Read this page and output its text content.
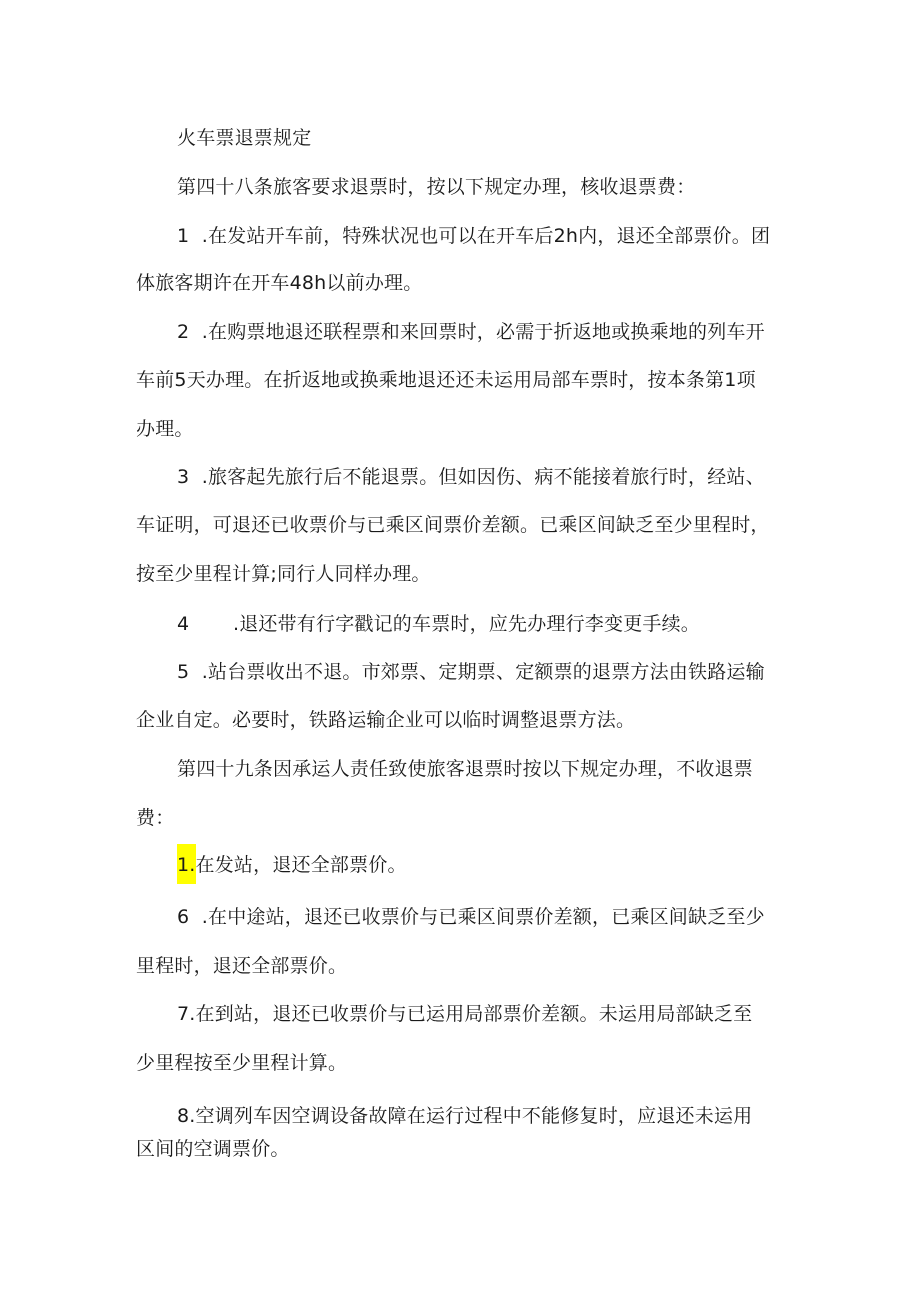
火车票退票规定
第四十八条旅客要求退票时，按以下规定办理，核收退票费：
1  .在发站开车前，特殊状况也可以在开车后2h内，退还全部票价。团
体旅客期许在开车48h以前办理。
2  .在购票地退还联程票和来回票时，必需于折返地或换乘地的列车开
车前5天办理。在折返地或换乘地退还还未运用局部车票时，按本条第1项
办理。
3  .旅客起先旅行后不能退票。但如因伤、病不能接着旅行时，经站、
车证明，可退还已收票价与已乘区间票价差额。已乘区间缺乏至少里程时，
按至少里程计算;同行人同样办理。
4       .退还带有行字戳记的车票时，应先办理行李变更手续。
5  .站台票收出不退。市郊票、定期票、定额票的退票方法由铁路运输
企业自定。必要时，铁路运输企业可以临时调整退票方法。
第四十九条因承运人责任致使旅客退票时按以下规定办理，不收退票
费：
1.在发站，退还全部票价。
6  .在中途站，退还已收票价与已乘区间票价差额，已乘区间缺乏至少
里程时，退还全部票价。
7.在到站，退还已收票价与已运用局部票价差额。未运用局部缺乏至
少里程按至少里程计算。
8.空调列车因空调设备故障在运行过程中不能修复时，应退还未运用
区间的空调票价。
